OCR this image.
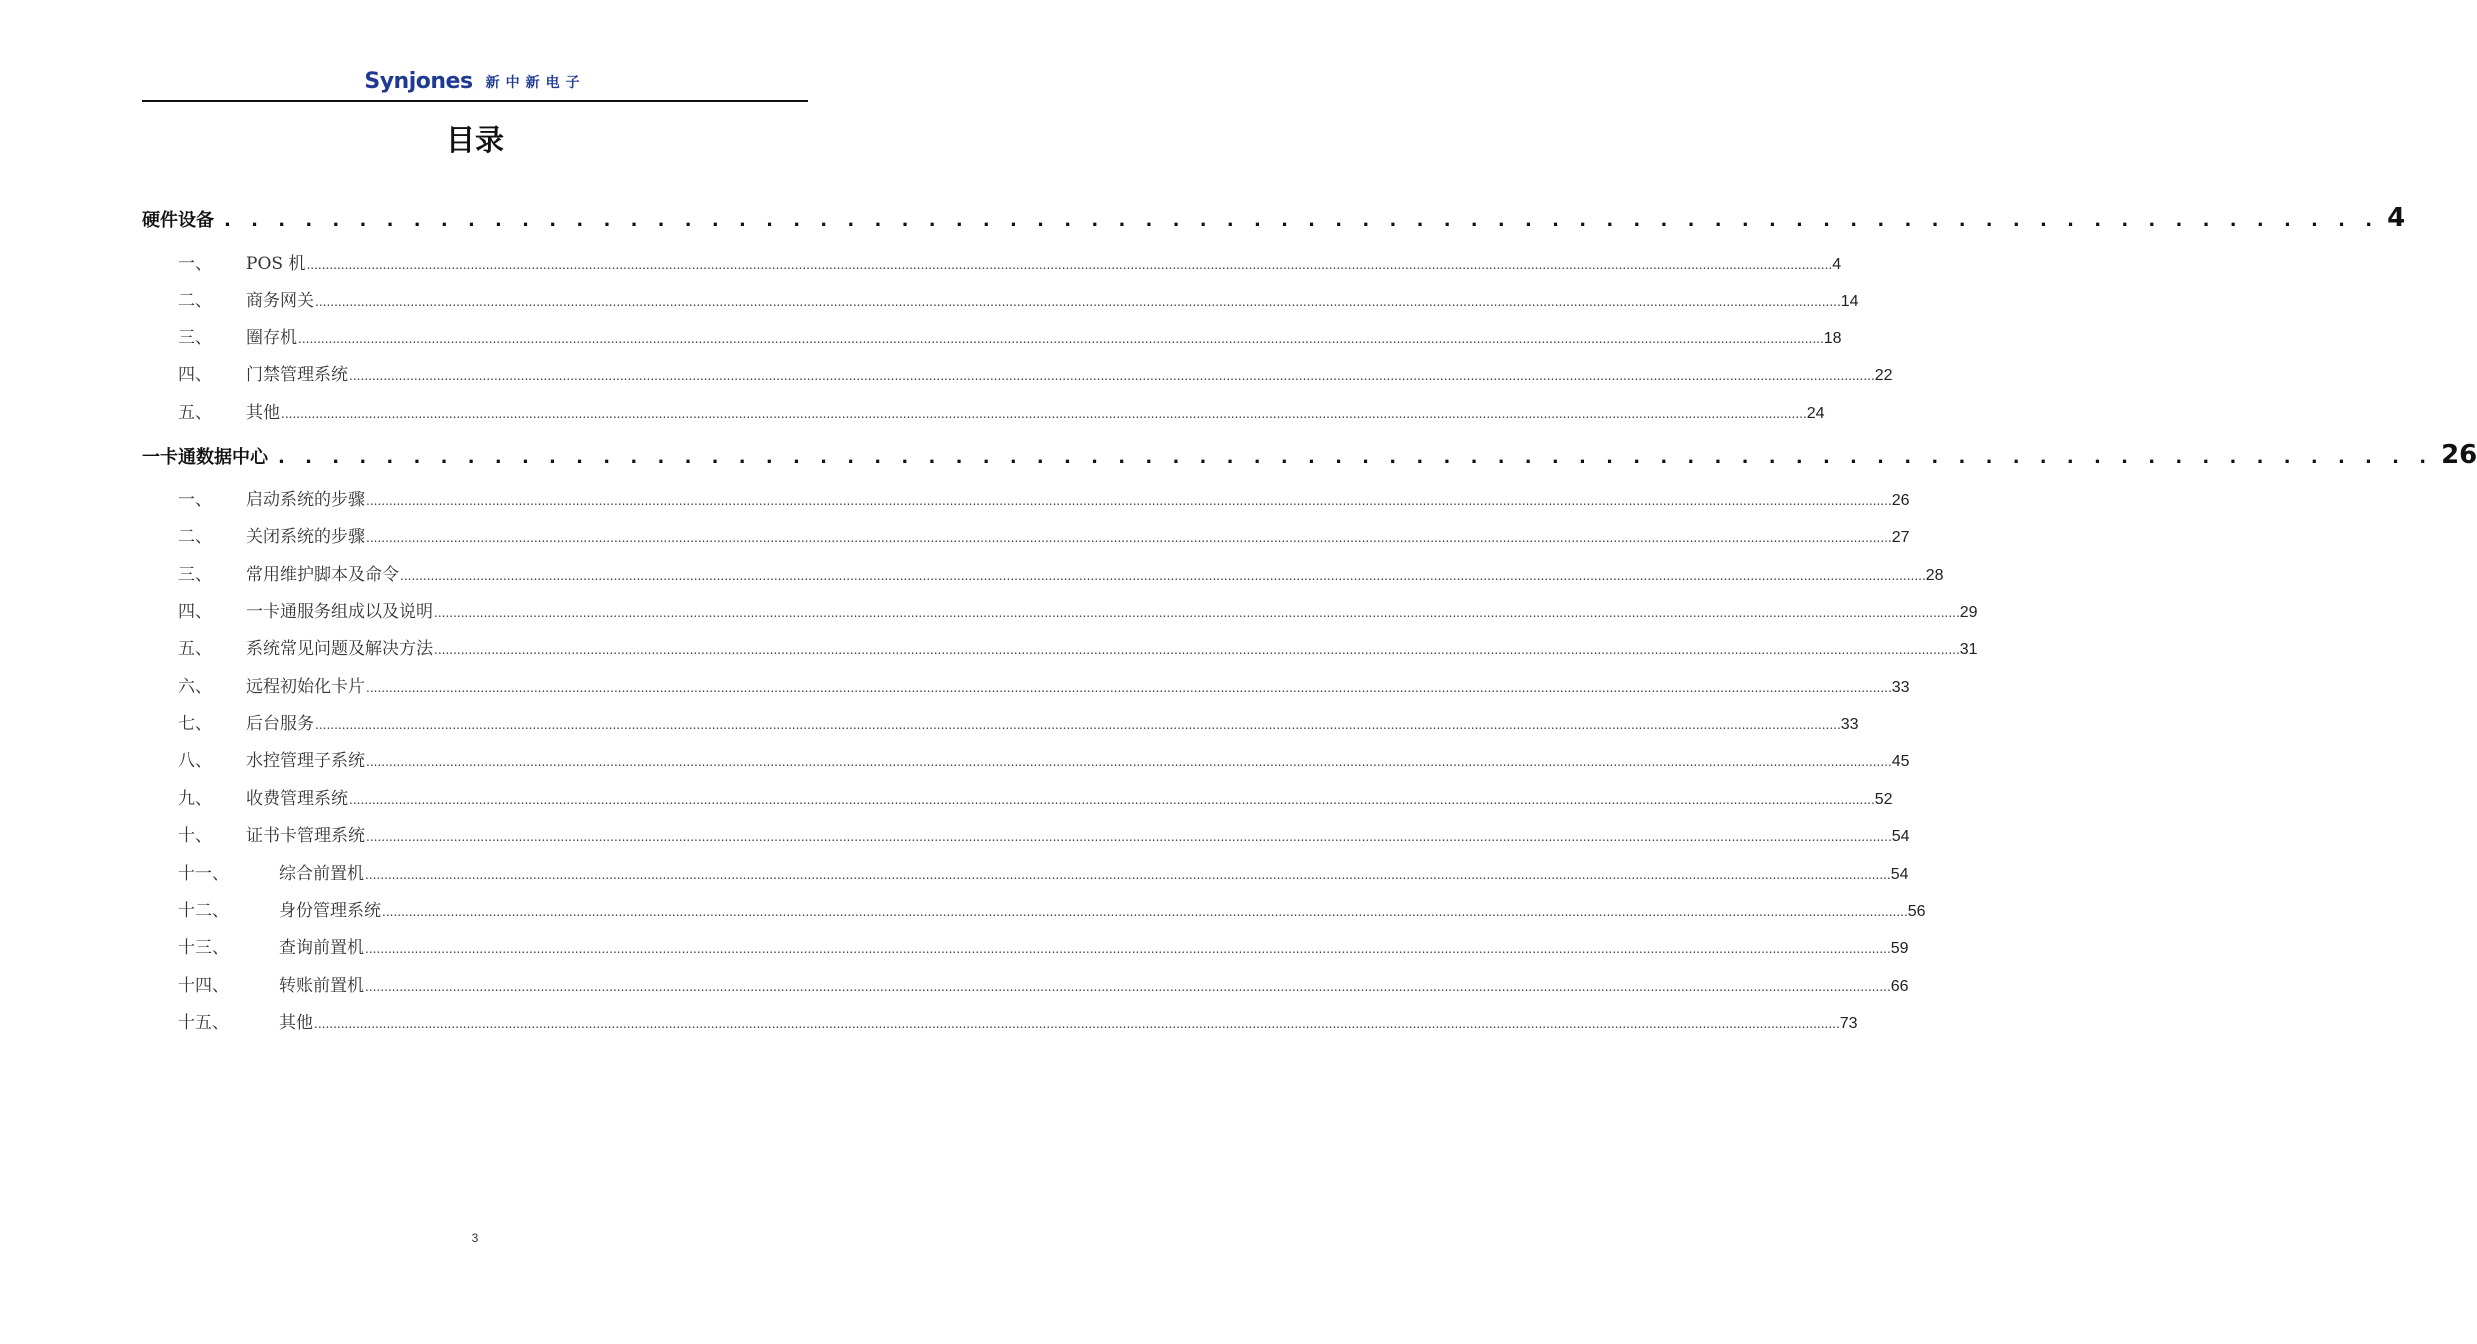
Synjones 新中新电子
目录
硬件设备 . . . . . . . . . . . . . . . . . . . . . . . . . . . . . . . . . . . . . . . . . . . . . . . . . . . . . . . . . . . . . . . . . . . . . . . . . . . . . . . . 4
一、	POS 机 ................................................................................................................................................................................................................................................................................................................................................................................................................ 4
二、	商务网关 ................................................................................................................................................................................................................................................................................................................................................................................................................ 14
三、	圈存机 ................................................................................................................................................................................................................................................................................................................................................................................................................ 18
四、	门禁管理系统 ................................................................................................................................................................................................................................................................................................................................................................................................................ 22
五、	其他 ................................................................................................................................................................................................................................................................................................................................................................................................................ 24
一卡通数据中心 . . . . . . . . . . . . . . . . . . . . . . . . . . . . . . . . . . . . . . . . . . . . . . . . . . . . . . . . . . . . . . . . . . . . . . . . . . . . . . . . 26
一、	启动系统的步骤 ................................................................................................................................................................................................................................................................................................................................................................................................................ 26
二、	关闭系统的步骤 ................................................................................................................................................................................................................................................................................................................................................................................................................ 27
三、	常用维护脚本及命令 ................................................................................................................................................................................................................................................................................................................................................................................................................ 28
四、	一卡通服务组成以及说明 ................................................................................................................................................................................................................................................................................................................................................................................................................ 29
五、	系统常见问题及解决方法 ................................................................................................................................................................................................................................................................................................................................................................................................................ 31
六、	远程初始化卡片 ................................................................................................................................................................................................................................................................................................................................................................................................................ 33
七、	后台服务 ................................................................................................................................................................................................................................................................................................................................................................................................................ 33
八、	水控管理子系统 ................................................................................................................................................................................................................................................................................................................................................................................................................ 45
九、	收费管理系统 ................................................................................................................................................................................................................................................................................................................................................................................................................ 52
十、	证书卡管理系统 ................................................................................................................................................................................................................................................................................................................................................................................................................ 54
十一、	综合前置机 ................................................................................................................................................................................................................................................................................................................................................................................................................ 54
十二、	身份管理系统 ................................................................................................................................................................................................................................................................................................................................................................................................................ 56
十三、	查询前置机 ................................................................................................................................................................................................................................................................................................................................................................................................................ 59
十四、	转账前置机 ................................................................................................................................................................................................................................................................................................................................................................................................................ 66
十五、	其他 ................................................................................................................................................................................................................................................................................................................................................................................................................ 73
3
